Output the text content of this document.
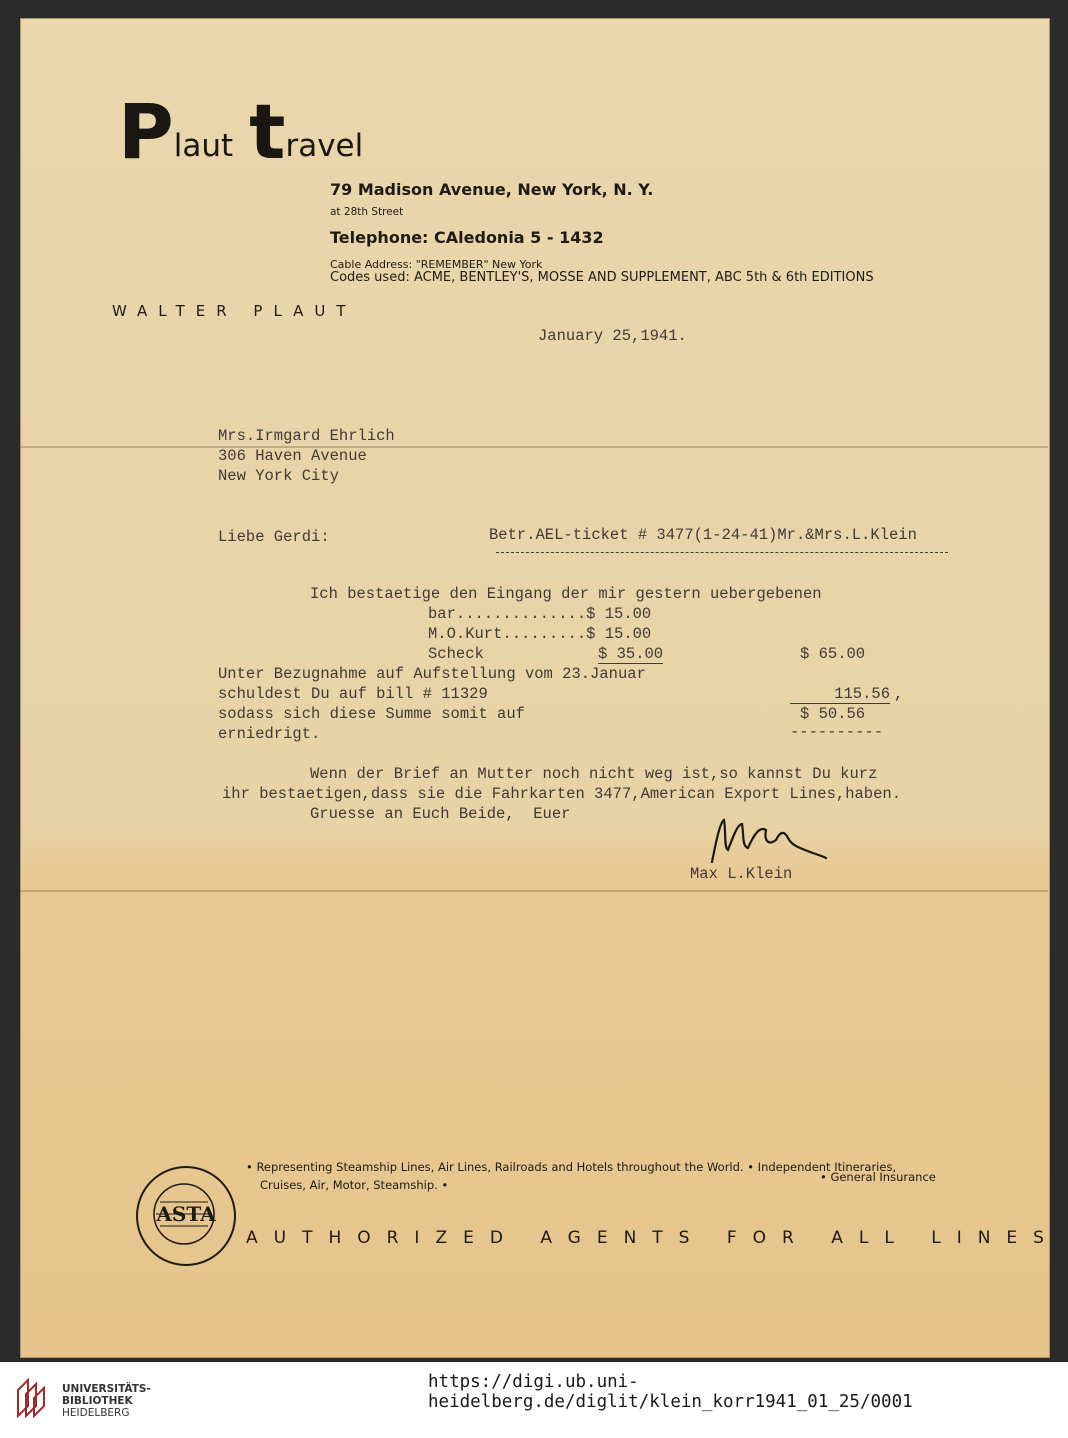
P laut t ravel
79 Madison Avenue, New York, N. Y.
at 28th Street
Telephone: CAledonia 5 - 1432
Cable Address: "REMEMBER" New York
Codes used: ACME, BENTLEY'S, MOSSE AND SUPPLEMENT, ABC 5th & 6th EDITIONS
WALTER PLAUT
January 25,1941.
Mrs.Irmgard Ehrlich
306 Haven Avenue
New York City
Liebe Gerdi:	Betr.AEL-ticket # 3477(1-24-41)Mr.&Mrs.L.Klein
Ich bestaetige den Eingang der mir gestern uebergebenen
bar..............$ 15.00
M.O.Kurt.........$ 15.00
Scheck	$ 35.00	$ 65.00
Unter Bezugnahme auf Aufstellung vom 23.Januar
schuldest Du auf bill # 11329	115.56 ,
sodass sich diese Summe somit auf	$ 50.56
erniedrigt.	----------
Wenn der Brief an Mutter noch nicht weg ist,so kannst Du kurz
ihr bestaetigen,dass sie die Fahrkarten 3477,American Export Lines,haben.
Gruesse an Euch Beide,  Euer
Max L.Klein
ASTA
• Representing Steamship Lines, Air Lines, Railroads and Hotels throughout the World. • Independent Itineraries,
Cruises, Air, Motor, Steamship. •
• General Insurance
AUTHORIZED AGENTS FOR ALL LINES
UNIVERSITÄTS-
BIBLIOTHEK
HEIDELBERG
https://digi.ub.uni-heidelberg.de/diglit/klein_korr1941_01_25/0001
